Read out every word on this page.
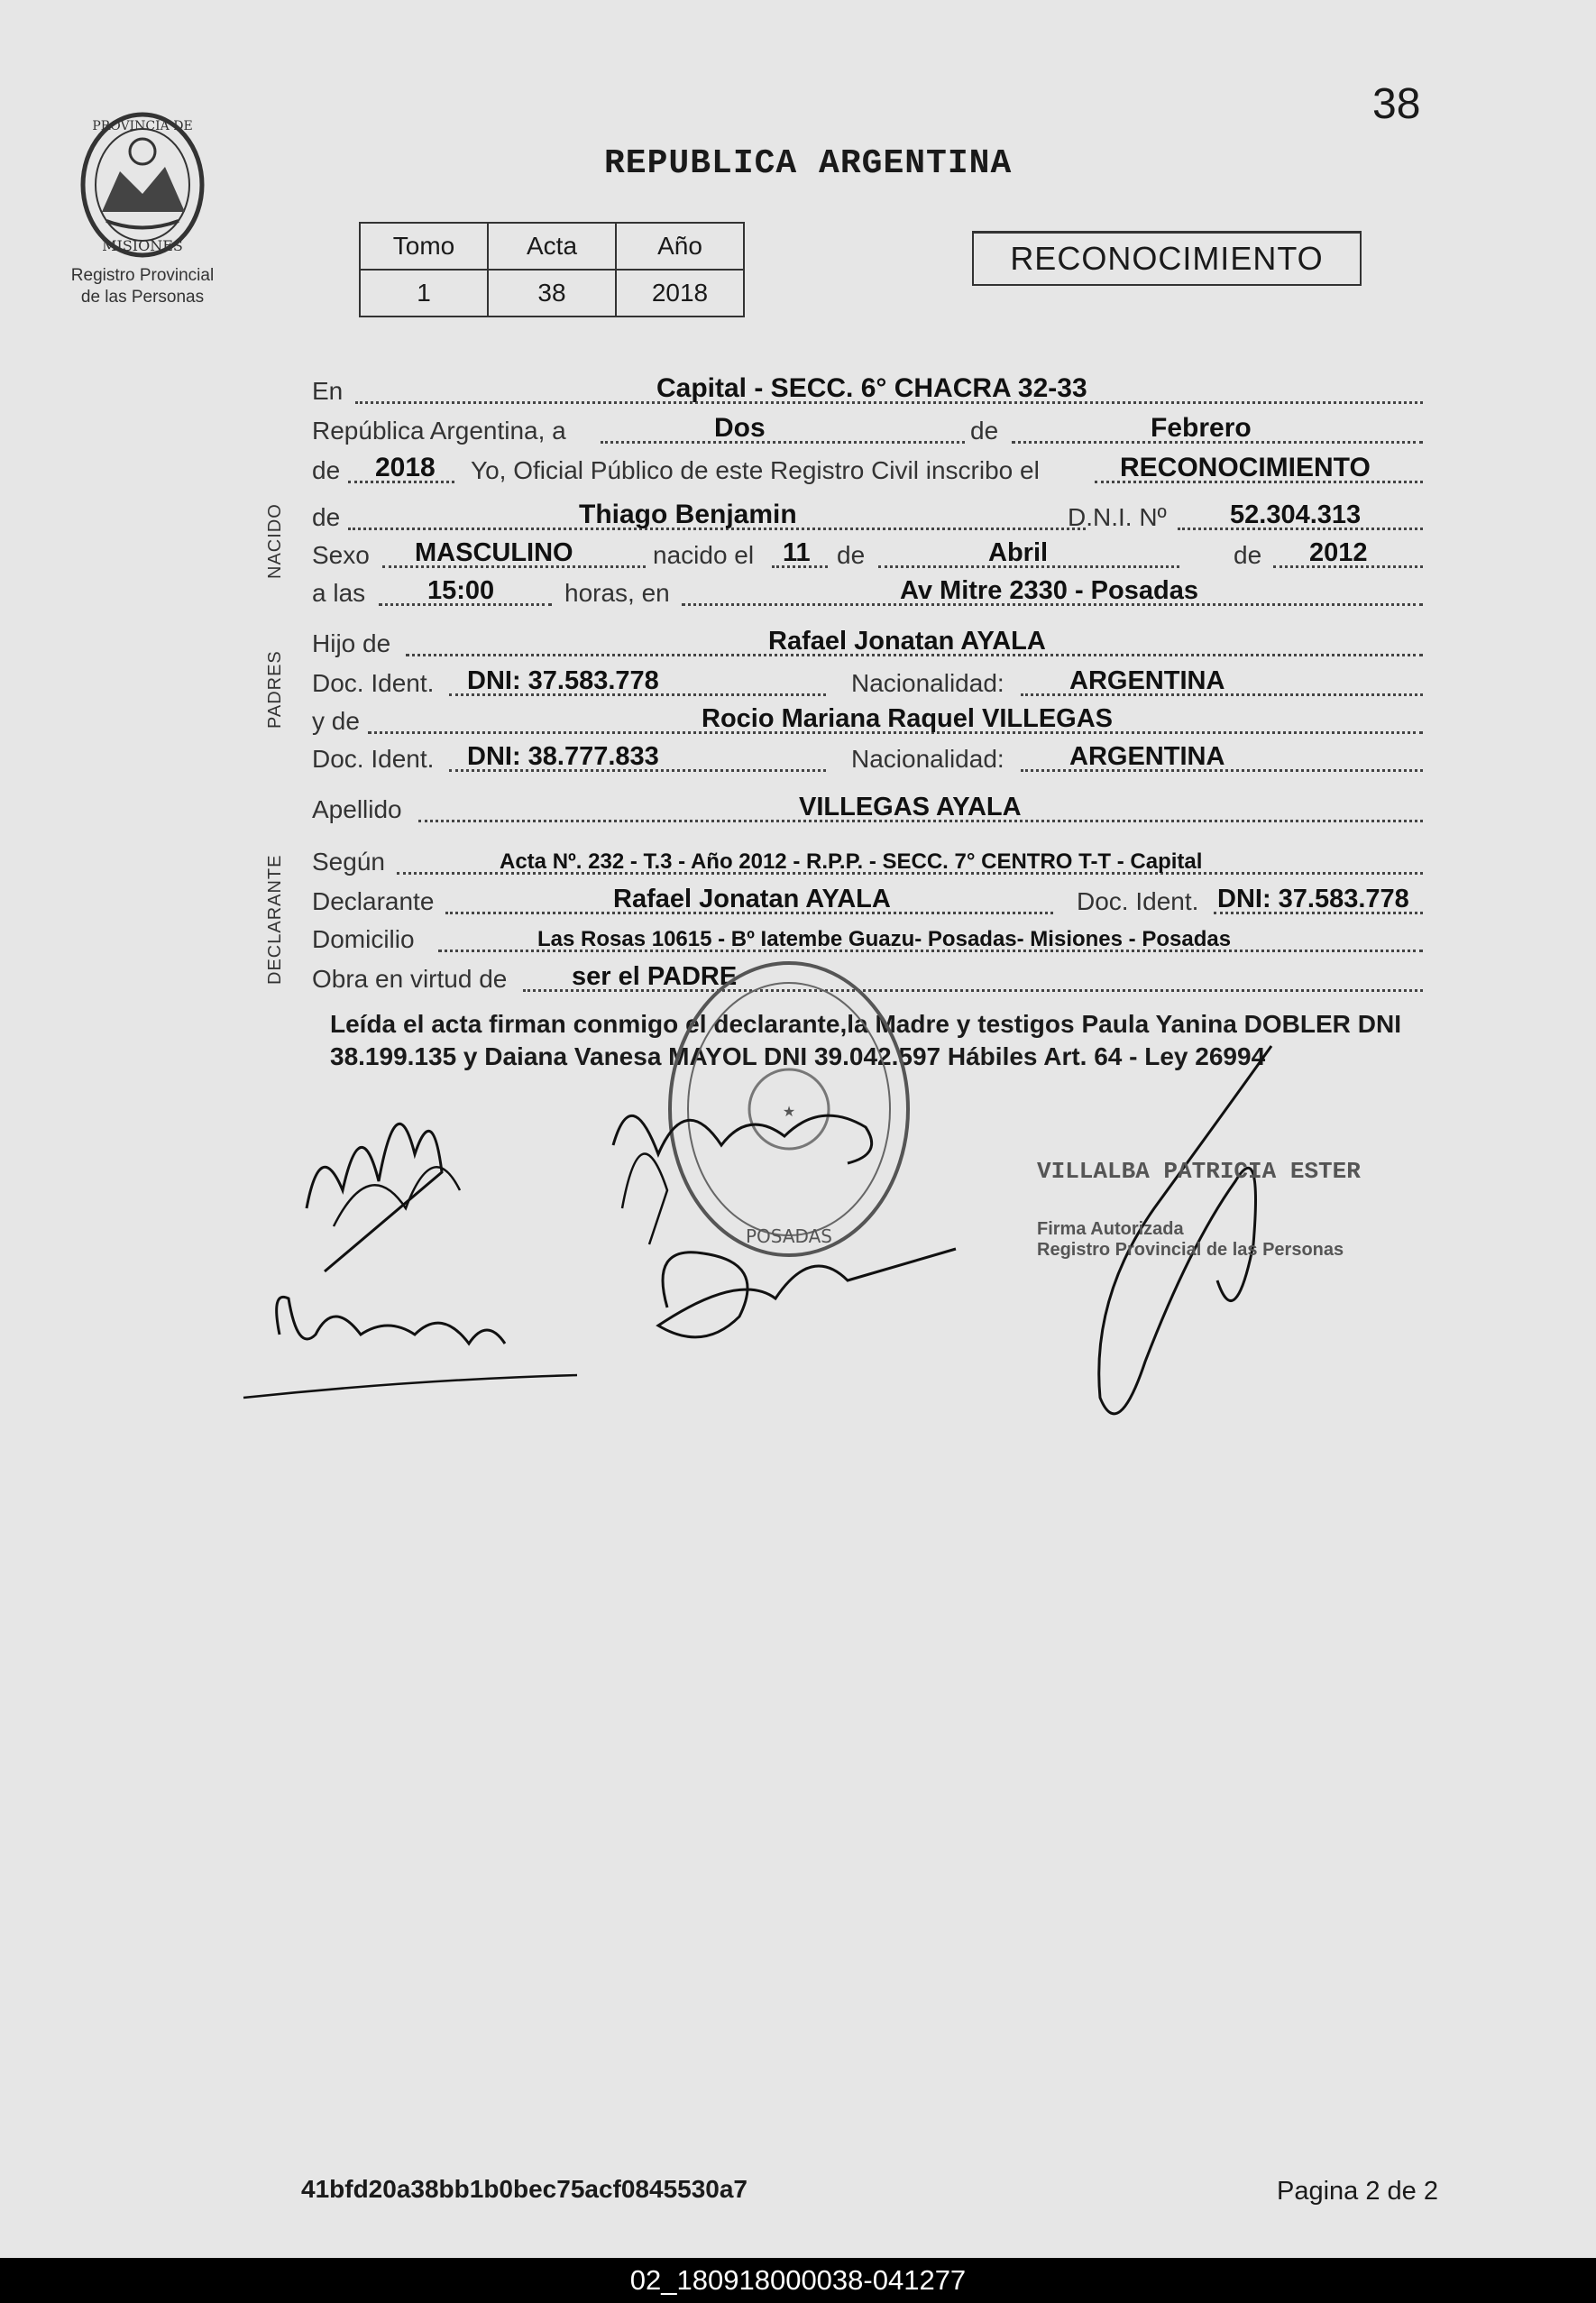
38
PROVINCIA DE
MISIONES
Registro Provincial
de las Personas
REPUBLICA ARGENTINA
Tomo	Acta	Año
1	38	2018
RECONOCIMIENTO
NACIDO
PADRES
DECLARANTE
En	Capital - SECC. 6° CHACRA 32-33
República Argentina, a	Dos	de	Febrero
de 2018 Yo, Oficial Público de este Registro Civil inscribo el	RECONOCIMIENTO
de	Thiago Benjamin	D.N.I. Nº 52.304.313
Sexo MASCULINO	nacido el 11 de	Abril	de 2012
a las 15:00	horas, en	Av Mitre 2330 - Posadas
Hijo de	Rafael Jonatan AYALA
Doc. Ident. DNI: 37.583.778	Nacionalidad: ARGENTINA
y de	Rocio Mariana Raquel VILLEGAS
Doc. Ident. DNI: 38.777.833	Nacionalidad: ARGENTINA
Apellido	VILLEGAS AYALA
Según	Acta Nº. 232 - T.3 - Año 2012 - R.P.P. - SECC. 7° CENTRO T-T - Capital
Declarante	Rafael Jonatan AYALA	Doc. Ident. DNI: 37.583.778
Domicilio	Las Rosas 10615 - Bº Iatembe Guazu- Posadas- Misiones - Posadas
Obra en virtud de ser el PADRE
Leída el acta firman conmigo el declarante,la Madre y testigos Paula Yanina DOBLER DNI 38.199.135 y Daiana Vanesa MAYOL DNI 39.042.597 Hábiles Art. 64 - Ley 26994
★
POSADAS
VILLALBA PATRICIA ESTER
Firma Autorizada
Registro Provincial de las Personas
41bfd20a38bb1b0bec75acf0845530a7	Pagina 2 de 2
02_180918000038-041277
